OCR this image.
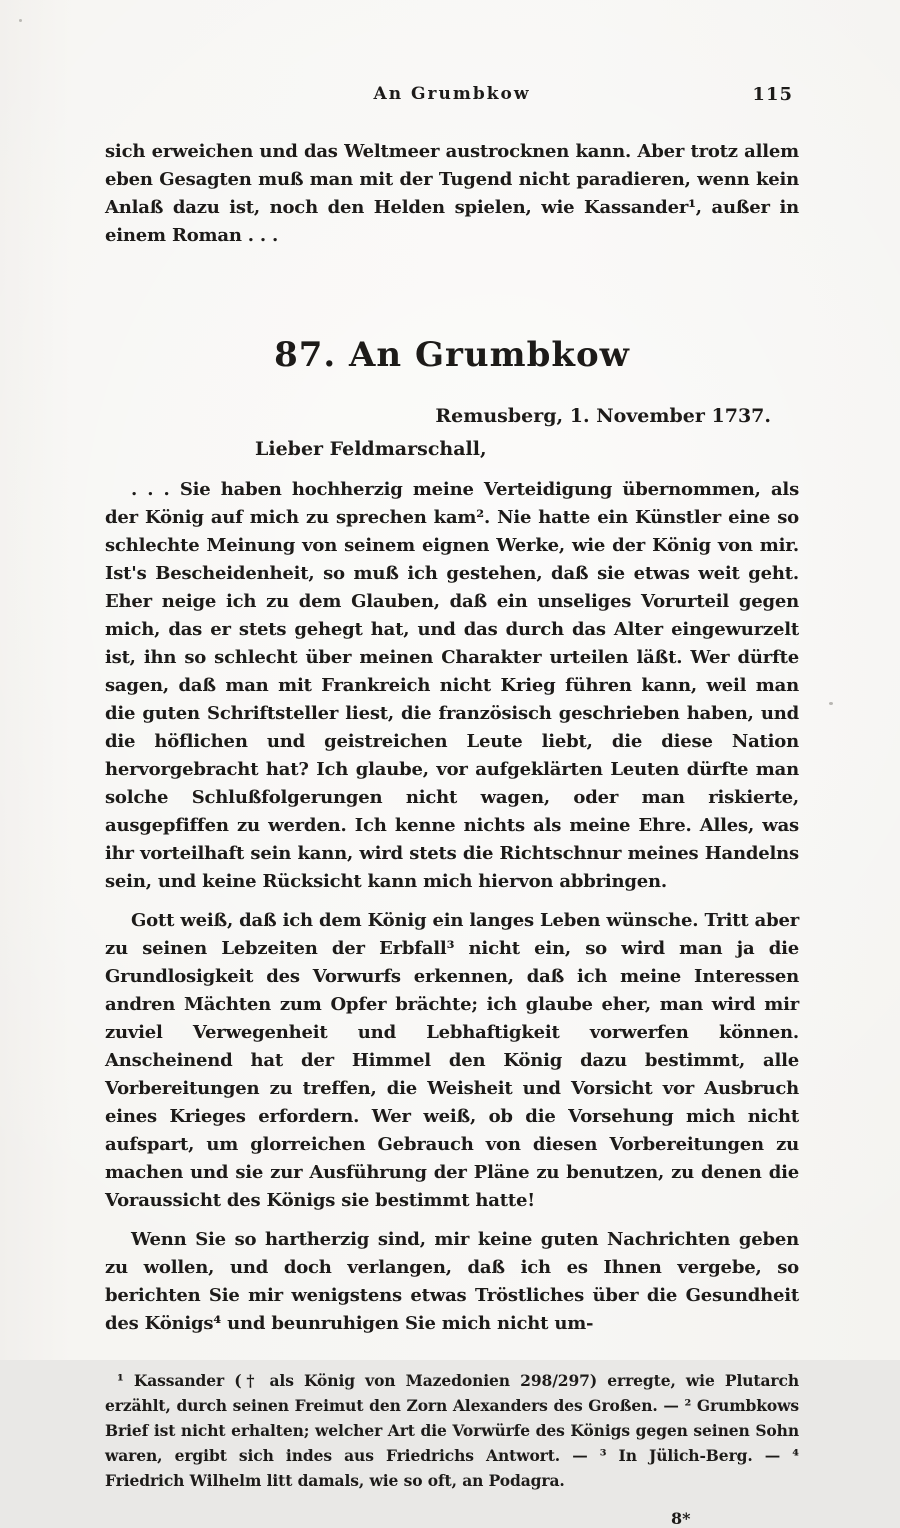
An Grumbkow	115

sich erweichen und das Weltmeer austrocknen kann. Aber trotz allem eben Gesagten muß man mit der Tugend nicht paradieren, wenn kein Anlaß dazu ist, noch den Helden spielen, wie Kassander¹, außer in einem Roman . . .

87. An Grumbkow
Remusberg, 1. November 1737.
Lieber Feldmarschall,

. . . Sie haben hochherzig meine Verteidigung übernommen, als der König auf mich zu sprechen kam². Nie hatte ein Künstler eine so schlechte Meinung von seinem eignen Werke, wie der König von mir. Ist's Bescheidenheit, so muß ich gestehen, daß sie etwas weit geht. Eher neige ich zu dem Glauben, daß ein unseliges Vorurteil gegen mich, das er stets gehegt hat, und das durch das Alter eingewurzelt ist, ihn so schlecht über meinen Charakter urteilen läßt. Wer dürfte sagen, daß man mit Frankreich nicht Krieg führen kann, weil man die guten Schriftsteller liest, die französisch geschrieben haben, und die höflichen und geistreichen Leute liebt, die diese Nation hervorgebracht hat? Ich glaube, vor aufgeklärten Leuten dürfte man solche Schlußfolgerungen nicht wagen, oder man riskierte, ausgepfiffen zu werden. Ich kenne nichts als meine Ehre. Alles, was ihr vorteilhaft sein kann, wird stets die Richtschnur meines Handelns sein, und keine Rücksicht kann mich hiervon abbringen.

Gott weiß, daß ich dem König ein langes Leben wünsche. Tritt aber zu seinen Lebzeiten der Erbfall³ nicht ein, so wird man ja die Grundlosigkeit des Vorwurfs erkennen, daß ich meine Interessen andren Mächten zum Opfer brächte; ich glaube eher, man wird mir zuviel Verwegenheit und Lebhaftigkeit vorwerfen können. Anscheinend hat der Himmel den König dazu bestimmt, alle Vorbereitungen zu treffen, die Weisheit und Vorsicht vor Ausbruch eines Krieges erfordern. Wer weiß, ob die Vorsehung mich nicht aufspart, um glorreichen Gebrauch von diesen Vorbereitungen zu machen und sie zur Ausführung der Pläne zu benutzen, zu denen die Voraussicht des Königs sie bestimmt hatte!

Wenn Sie so hartherzig sind, mir keine guten Nachrichten geben zu wollen, und doch verlangen, daß ich es Ihnen vergebe, so berichten Sie mir wenigstens etwas Tröstliches über die Gesundheit des Königs⁴ und beunruhigen Sie mich nicht um-

¹ Kassander († als König von Mazedonien 298/297) erregte, wie Plutarch erzählt, durch seinen Freimut den Zorn Alexanders des Großen. — ² Grumbkows Brief ist nicht erhalten; welcher Art die Vorwürfe des Königs gegen seinen Sohn waren, ergibt sich indes aus Friedrichs Antwort. — ³ In Jülich-Berg. — ⁴ Friedrich Wilhelm litt damals, wie so oft, an Podagra.

8*
